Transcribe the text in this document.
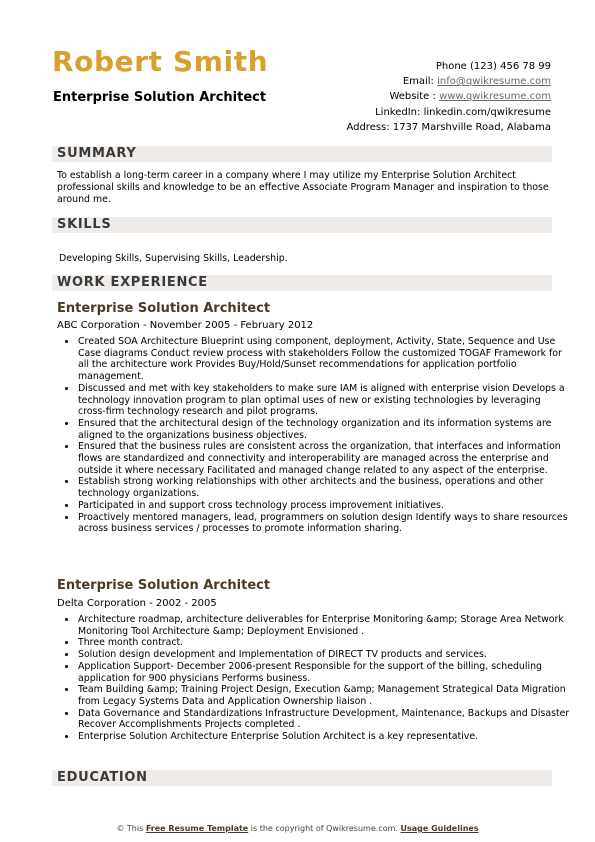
Robert Smith

Enterprise Solution Architect

Phone (123) 456 78 99
Email: info@qwikresume.com
Website : www.qwikresume.com
LinkedIn: linkedin.com/qwikresume
Address: 1737 Marshville Road, Alabama
SUMMARY

To establish a long-term career in a company where I may utilize my Enterprise Solution Architect professional skills and knowledge to be an effective Associate Program Manager and inspiration to those around me.

SKILLS

Developing Skills, Supervising Skills, Leadership.

WORK EXPERIENCE

Enterprise Solution Architect

ABC Corporation - November 2005 - February 2012

Created SOA Architecture Blueprint using component, deployment, Activity, State, Sequence and Use Case diagrams Conduct review process with stakeholders Follow the customized TOGAF Framework for all the architecture work Provides Buy/Hold/Sunset recommendations for application portfolio management.
Discussed and met with key stakeholders to make sure IAM is aligned with enterprise vision Develops a technology innovation program to plan optimal uses of new or existing technologies by leveraging cross-firm technology research and pilot programs.
Ensured that the architectural design of the technology organization and its information systems are aligned to the organizations business objectives.
Ensured that the business rules are consistent across the organization, that interfaces and information flows are standardized and connectivity and interoperability are managed across the enterprise and outside it where necessary Facilitated and managed change related to any aspect of the enterprise.
Establish strong working relationships with other architects and the business, operations and other technology organizations.
Participated in and support cross technology process improvement initiatives.
Proactively mentored managers, lead, programmers on solution design Identify ways to share resources across business services / processes to promote information sharing.

Enterprise Solution Architect

Delta Corporation - 2002 - 2005

Architecture roadmap, architecture deliverables for Enterprise Monitoring &amp; Storage Area Network Monitoring Tool Architecture &amp; Deployment Envisioned .
Three month contract.
Solution design development and Implementation of DIRECT TV products and services.
Application Support- December 2006-present Responsible for the support of the billing, scheduling application for 900 physicians Performs business.
Team Building &amp; Training Project Design, Execution &amp; Management Strategical Data Migration from Legacy Systems Data and Application Ownership liaison .
Data Governance and Standardizations Infrastructure Development, Maintenance, Backups and Disaster Recover Accomplishments Projects completed .
Enterprise Solution Architecture Enterprise Solution Architect is a key representative.
EDUCATION
© This Free Resume Template is the copyright of Qwikresume.com. Usage Guidelines
